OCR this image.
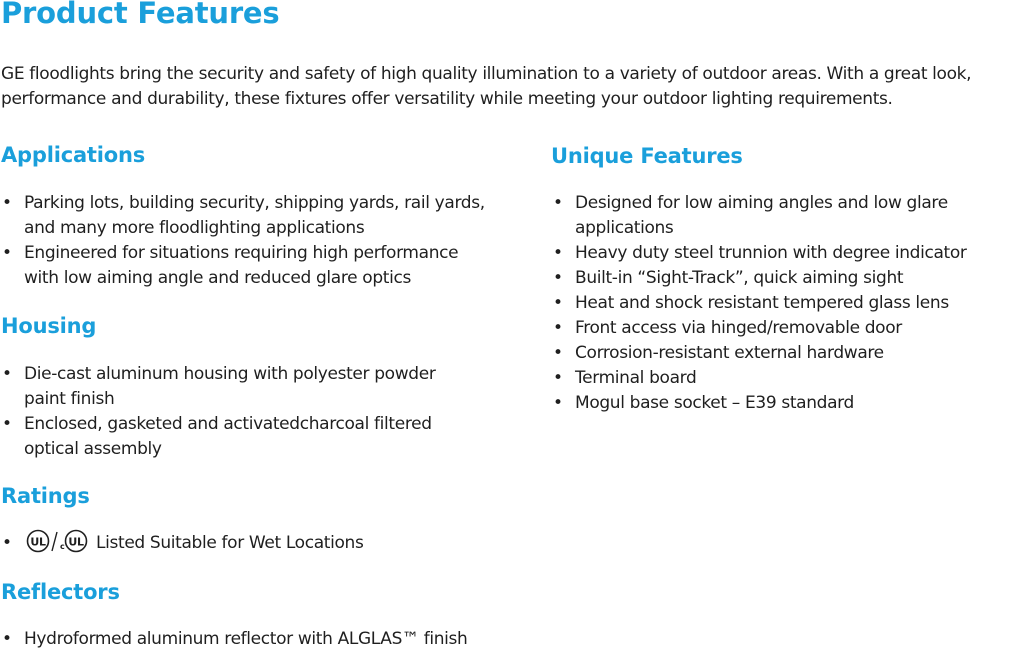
Product Features

GE floodlights bring the security and safety of high quality illumination to a variety of outdoor areas. With a great look,
performance and durability, these fixtures offer versatility while meeting your outdoor lighting requirements.

Applications
• Parking lots, building security, shipping yards, rail yards,
and many more floodlighting applications
• Engineered for situations requiring high performance
with low aiming angle and reduced glare optics
Housing
• Die-cast aluminum housing with polyester powder
paint finish
• Enclosed, gasketed and activatedcharcoal filtered
optical assembly
Ratings
• UL c UL Listed Suitable for Wet Locations
Reflectors
• Hydroformed aluminum reflector with ALGLAS™ finish
Unique Features
• Designed for low aiming angles and low glare
applications
• Heavy duty steel trunnion with degree indicator
• Built-in “Sight-Track”, quick aiming sight
• Heat and shock resistant tempered glass lens
• Front access via hinged/removable door
• Corrosion-resistant external hardware
• Terminal board
• Mogul base socket – E39 standard
